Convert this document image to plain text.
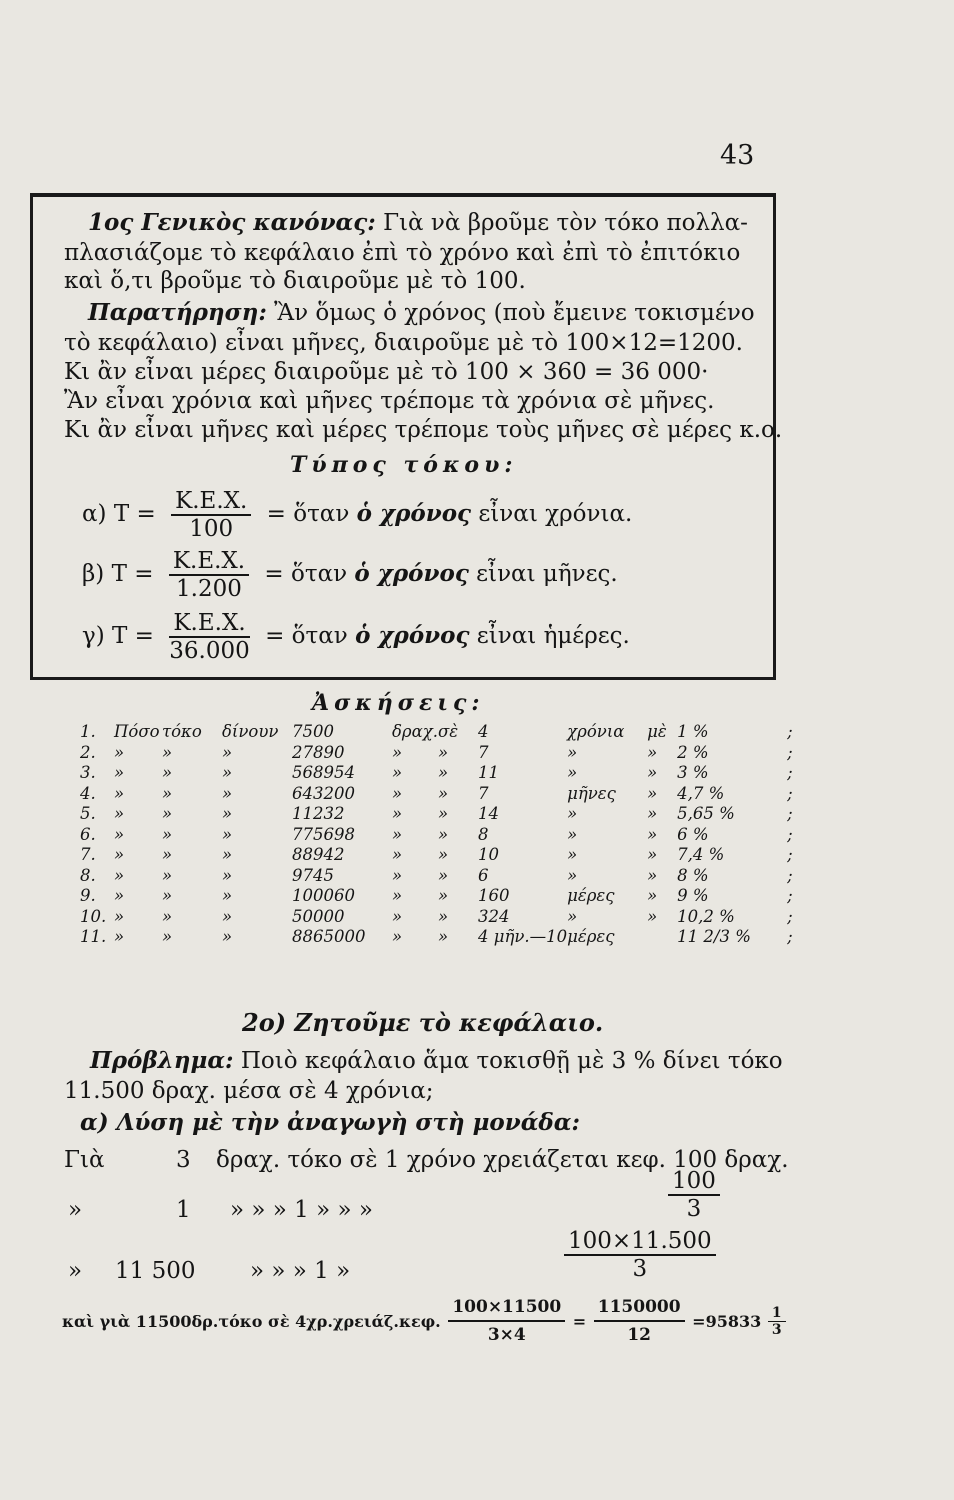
43
1ος Γενικὸς κανόνας: Γιὰ νὰ βροῦμε τὸν τόκο πολλα-
πλασιάζομε τὸ κεφάλαιο ἐπὶ τὸ χρόνο καὶ ἐπὶ τὸ ἐπιτόκιο
καὶ ὅ,τι βροῦμε τὸ διαιροῦμε μὲ τὸ 100.
Παρατήρηση: Ἂν ὅμως ὁ χρόνος (ποὺ ἔμεινε τοκισμένο
τὸ κεφάλαιο) εἶναι μῆνες, διαιροῦμε μὲ τὸ 100×12=1200.
Κι ἂν εἶναι μέρες διαιροῦμε μὲ τὸ 100 × 360 = 36 000·
Ἂν εἶναι χρόνια καὶ μῆνες τρέπομε τὰ χρόνια σὲ μῆνες.
Κι ἂν εἶναι μῆνες καὶ μέρες τρέπομε τοὺς μῆνες σὲ μέρες κ.ο.
Τύπος τόκου:
α) $T = \frac{K.E.X.}{100}$ = ὅταν ὁ χρόνος εἶναι χρόνια.
β) $T = \frac{K.E.X.}{1.200}$ = ὅταν ὁ χρόνος εἶναι μῆνες.
γ) $T = \frac{K.E.X.}{36.000}$ = ὅταν ὁ χρόνος εἶναι ἡμέρες.
Ἀσκήσεις:
1.	Πόσο	τόκο	δίνουν	7500	δραχ.	σὲ	4	χρόνια	μὲ	1 %	;
2.	»	»	»	27890	»	»	7	»	»	2 %	;
3.	»	»	»	568954	»	»	11	»	»	3 %	;
4.	»	»	»	643200	»	»	7	μῆνες	»	4,7 %	;
5.	»	»	»	11232	»	»	14	»	»	5,65 %	;
6.	»	»	»	775698	»	»	8	»	»	6 %	;
7.	»	»	»	88942	»	»	10	»	»	7,4 %	;
8.	»	»	»	9745	»	»	6	»	»	8 %	;
9.	»	»	»	100060	»	»	160	μέρες	»	9 %	;
10.	»	»	»	50000	»	»	324	»	»	10,2 %	;
11.	»	»	»	8865000	»	»	4 μῆν.—10	μέρες		11 2/3 %	;
2ο) Ζητοῦμε τὸ κεφάλαιο.
Πρόβλημα: Ποιὸ κεφάλαιο ἅμα τοκισθῇ μὲ 3 % δίνει τόκο
11.500 δραχ. μέσα σὲ 4 χρόνια;
α) Λύση μὲ τὴν ἀναγωγὴ στὴ μονάδα:
Γιὰ	3 δραχ. τόκο σὲ 1 χρόνο χρειάζεται κεφ. 100 δραχ.
»	1 » » » 1 » » »	$\frac{100}{3}$
» 11 500 » » » 1 »	$\frac{100\times 11.500}{3}$
καὶ γιὰ 11500δρ.τόκο σὲ 4χρ.χρειάζ.κεφ. $\frac{100\times 11500}{3\times 4} = \frac{1150000}{12} =95833 \frac{1}{3}$
